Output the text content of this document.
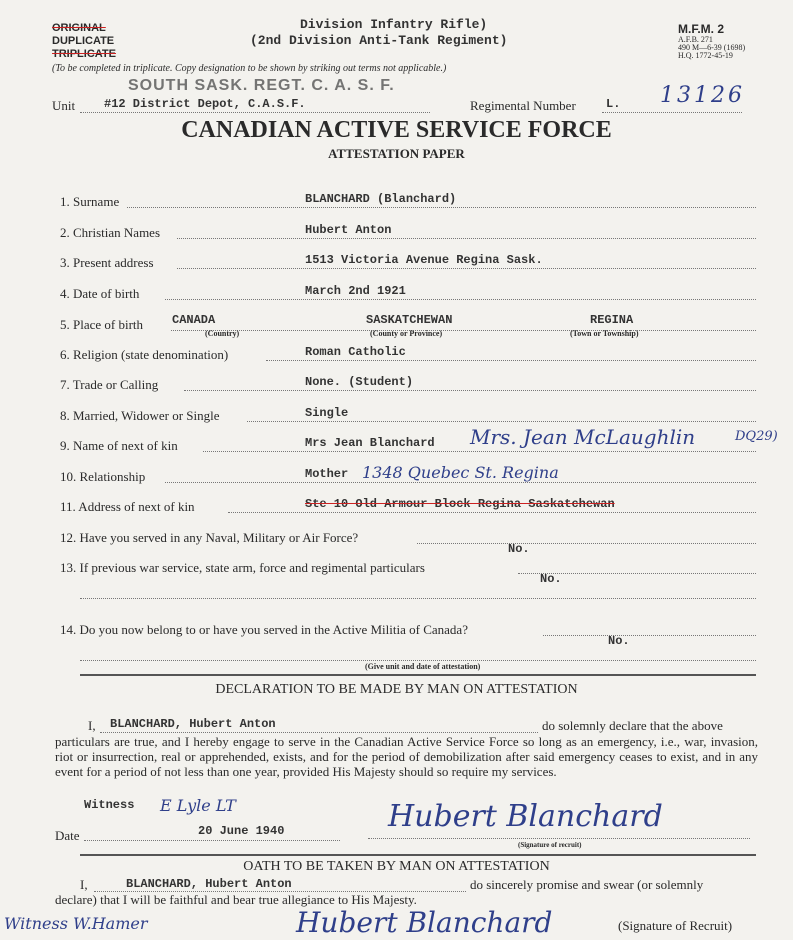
ORIGINAL
DUPLICATE
TRIPLICATE
Division Infantry Rifle)
(2nd Division Anti-Tank Regiment)
M.F.M. 2
A.F.B. 271
490 M—6-39 (1698)
H.Q. 1772-45-19
(To be completed in triplicate. Copy designation to be shown by striking out terms not applicable.)
SOUTH SASK. REGT. C. A. S. F.
Unit #12 District Depot, C.A.S.F.	Regimental Number	L. 13126
CANADIAN ACTIVE SERVICE FORCE
ATTESTATION PAPER
1. Surname	BLANCHARD (Blanchard)
2. Christian Names	Hubert Anton
3. Present address	1513 Victoria Avenue Regina Sask.
4. Date of birth	March 2nd 1921
5. Place of birth CANADA	SASKATCHEWAN	REGINA
(Country)	(County or Province)	(Town or Township)
6. Religion (state denomination)	Roman Catholic
7. Trade or Calling	None. (Student)
8. Married, Widower or Single	Single
9. Name of next of kin	Mrs Jean Blanchard Mrs. Jean McLaughlin	DQ29)
10. Relationship	Mother 1348 Quebec St. Regina
11. Address of next of kin	Ste 10 Old Armour Block Regina Saskatchewan
12. Have you served in any Naval, Military or Air Force?
No.
13. If previous war service, state arm, force and regimental particulars
No.
14. Do you now belong to or have you served in the Active Militia of Canada?
No.
(Give unit and date of attestation)
DECLARATION TO BE MADE BY MAN ON ATTESTATION
I, BLANCHARD, Hubert Anton	do solemnly declare that the above
particulars are true, and I hereby engage to serve in the Canadian Active Service Force so long as an emergency, i.e., war, invasion, riot or insurrection, real or apprehended, exists, and for the period of demobilization after said emergency ceases to exist, and in any event for a period of not less than one year, provided His Majesty should so require my services.
Witness E Lyle LT
Date	20 June 1940	Hubert Blanchard
(Signature of recruit)
OATH TO BE TAKEN BY MAN ON ATTESTATION
I,	BLANCHARD, Hubert Anton	do sincerely promise and swear (or solemnly
declare) that I will be faithful and bear true allegiance to His Majesty.
Witness W.Hamer	Hubert Blanchard	(Signature of Recruit)
